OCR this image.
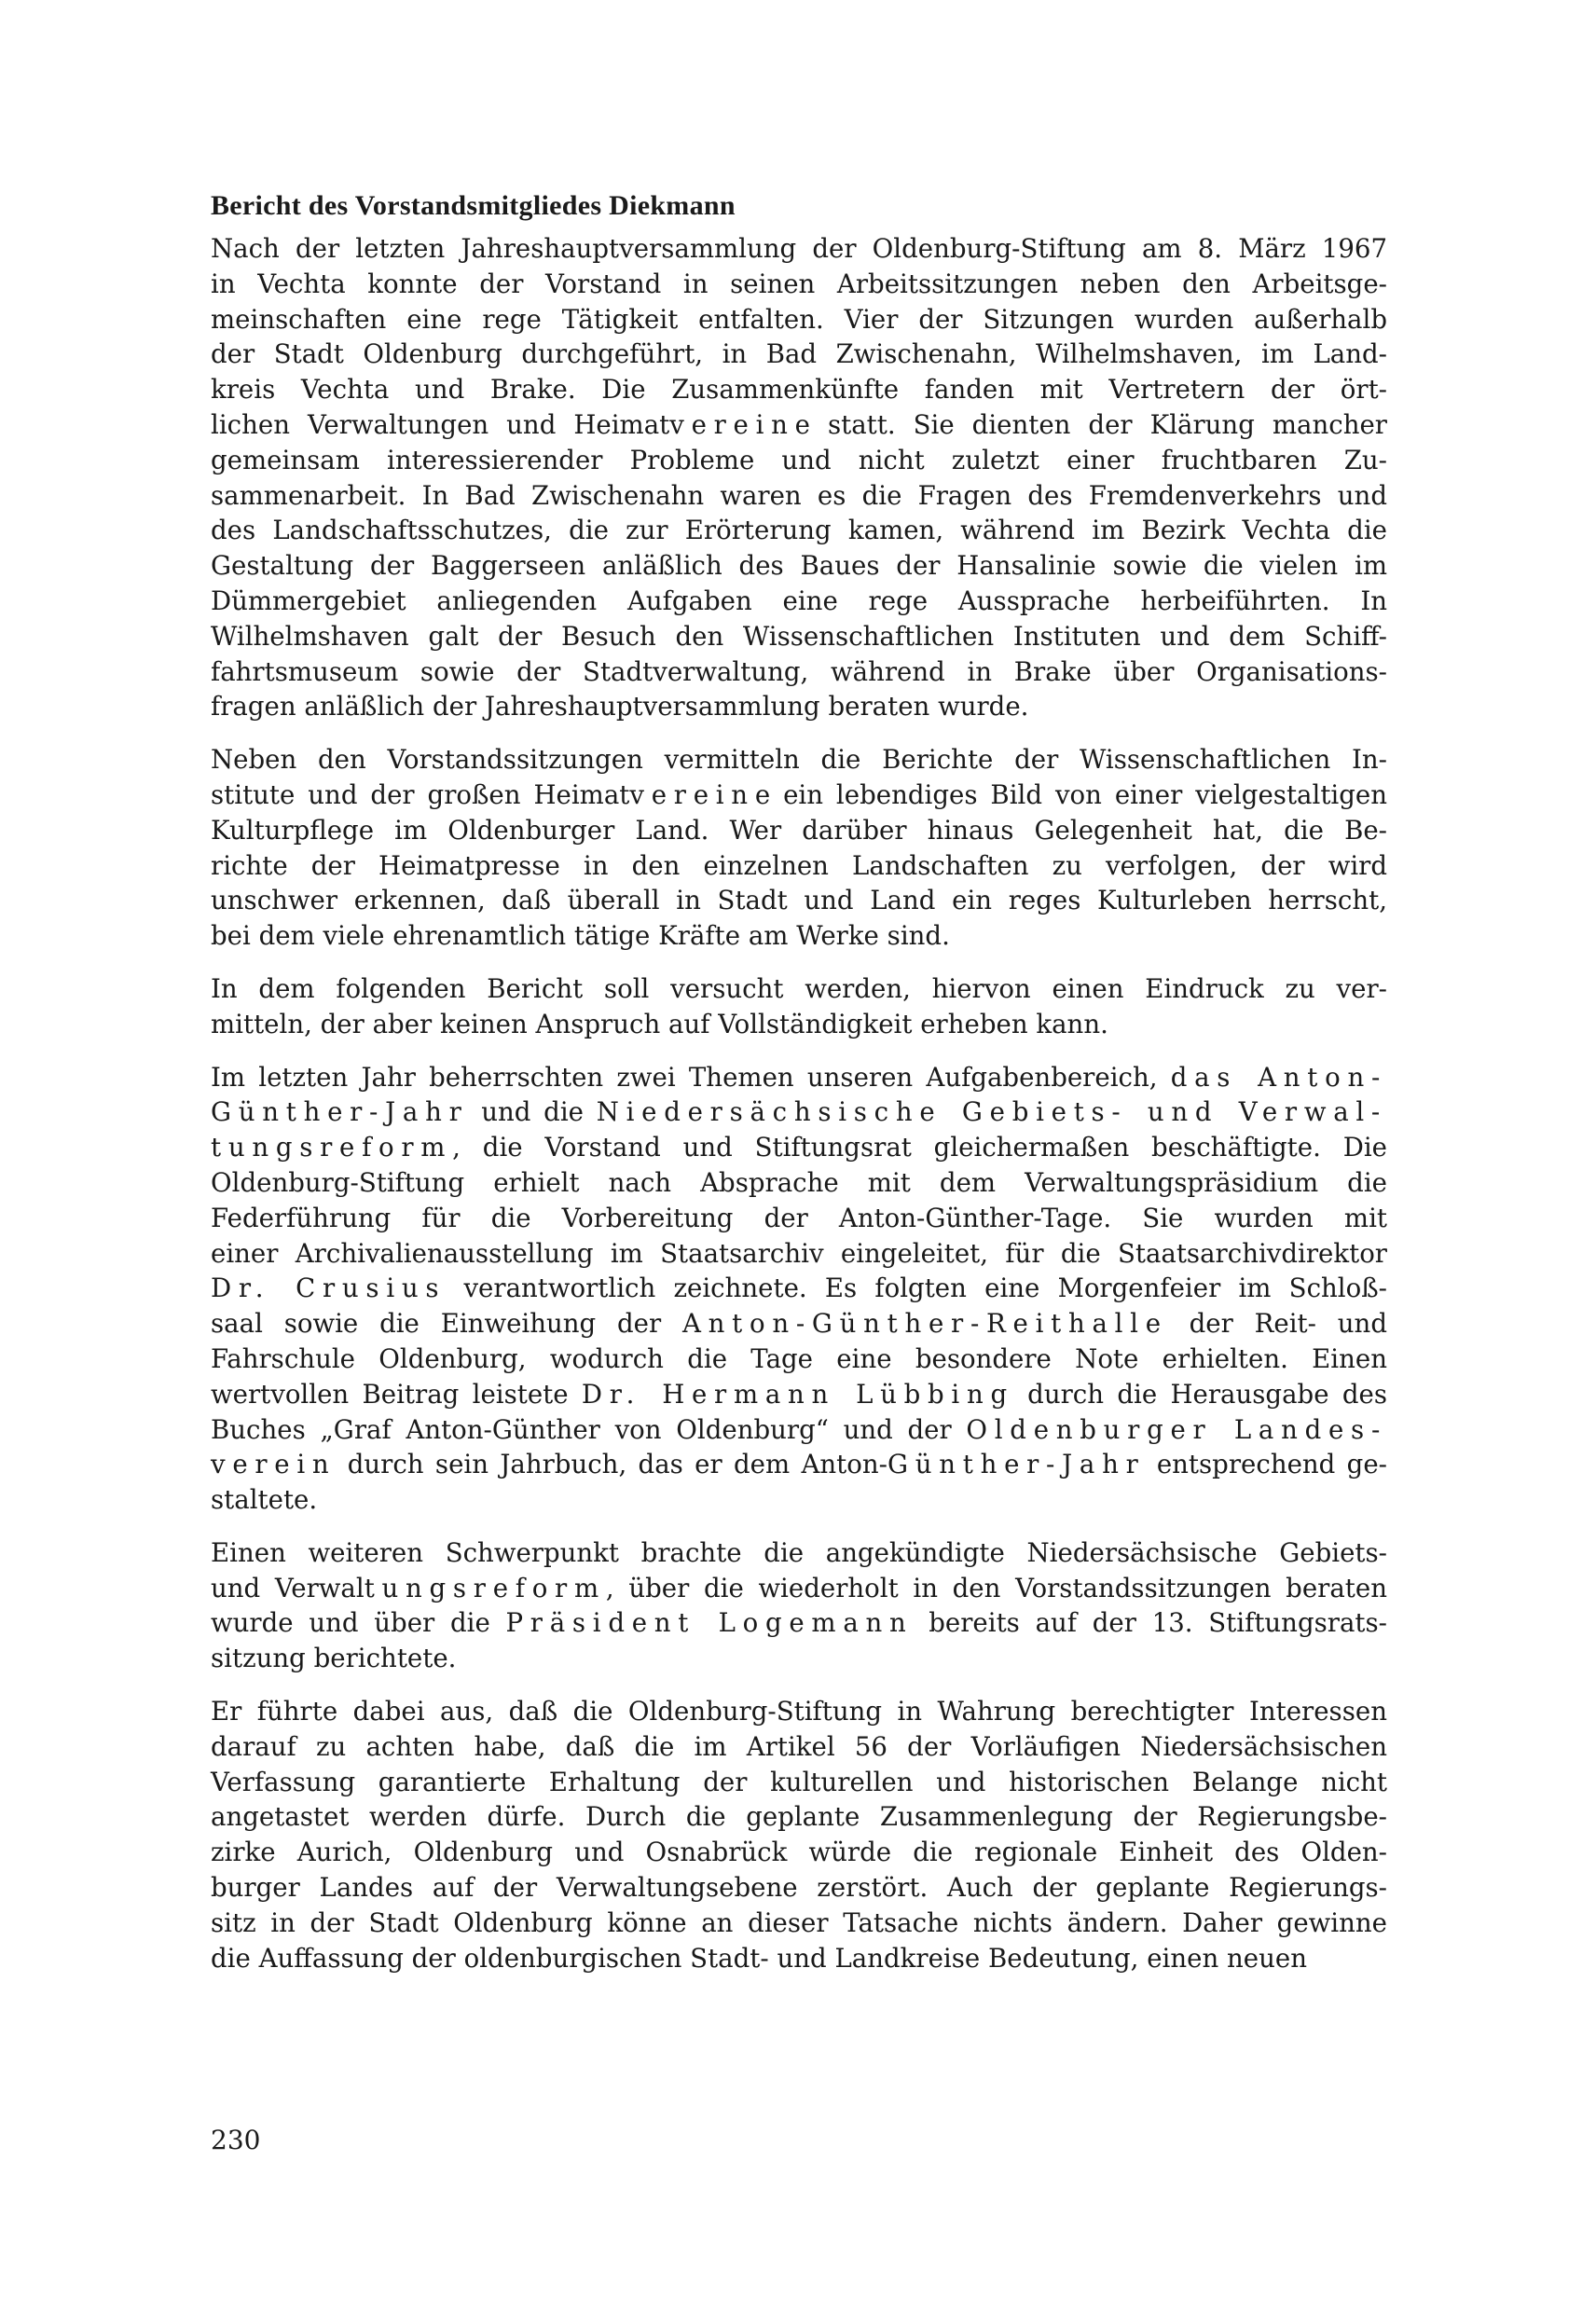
Bericht des Vorstandsmitgliedes Diekmann
Nach der letzten Jahreshauptversammlung der Oldenburg-Stiftung am 8. März 1967
in Vechta konnte der Vorstand in seinen Arbeitssitzungen neben den Arbeitsge-
meinschaften eine rege Tätigkeit entfalten. Vier der Sitzungen wurden außerhalb
der Stadt Oldenburg durchgeführt, in Bad Zwischenahn, Wilhelmshaven, im Land-
kreis Vechta und Brake. Die Zusammenkünfte fanden mit Vertretern der ört-
lichen Verwaltungen und Heimatvereine statt. Sie dienten der Klärung mancher
gemeinsam interessierender Probleme und nicht zuletzt einer fruchtbaren Zu-
sammenarbeit. In Bad Zwischenahn waren es die Fragen des Fremdenverkehrs und
des Landschaftsschutzes, die zur Erörterung kamen, während im Bezirk Vechta die
Gestaltung der Baggerseen anläßlich des Baues der Hansalinie sowie die vielen im
Dümmergebiet anliegenden Aufgaben eine rege Aussprache herbeiführten. In
Wilhelmshaven galt der Besuch den Wissenschaftlichen Instituten und dem Schiff-
fahrtsmuseum sowie der Stadtverwaltung, während in Brake über Organisations-
fragen anläßlich der Jahreshauptversammlung beraten wurde.
Neben den Vorstandssitzungen vermitteln die Berichte der Wissenschaftlichen In-
stitute und der großen Heimatvereine ein lebendiges Bild von einer vielgestaltigen
Kulturpflege im Oldenburger Land. Wer darüber hinaus Gelegenheit hat, die Be-
richte der Heimatpresse in den einzelnen Landschaften zu verfolgen, der wird
unschwer erkennen, daß überall in Stadt und Land ein reges Kulturleben herrscht,
bei dem viele ehrenamtlich tätige Kräfte am Werke sind.
In dem folgenden Bericht soll versucht werden, hiervon einen Eindruck zu ver-
mitteln, der aber keinen Anspruch auf Vollständigkeit erheben kann.
Im letzten Jahr beherrschten zwei Themen unseren Aufgabenbereich, das Anton-
Günther-Jahr und die Niedersächsische Gebiets- und Verwal-
tungsreform, die Vorstand und Stiftungsrat gleichermaßen beschäftigte. Die
Oldenburg-Stiftung erhielt nach Absprache mit dem Verwaltungspräsidium die
Federführung für die Vorbereitung der Anton-Günther-Tage. Sie wurden mit
einer Archivalienausstellung im Staatsarchiv eingeleitet, für die Staatsarchivdirektor
Dr. Crusius verantwortlich zeichnete. Es folgten eine Morgenfeier im Schloß-
saal sowie die Einweihung der Anton-Günther-Reithalle der Reit- und
Fahrschule Oldenburg, wodurch die Tage eine besondere Note erhielten. Einen
wertvollen Beitrag leistete Dr. Hermann Lübbing durch die Herausgabe des
Buches „Graf Anton-Günther von Oldenburg“ und der Oldenburger Landes-
verein durch sein Jahrbuch, das er dem Anton-Günther-Jahr entsprechend ge-
staltete.
Einen weiteren Schwerpunkt brachte die angekündigte Niedersächsische Gebiets-
und Verwaltungsreform, über die wiederholt in den Vorstandssitzungen beraten
wurde und über die Präsident Logemann bereits auf der 13. Stiftungsrats-
sitzung berichtete.
Er führte dabei aus, daß die Oldenburg-Stiftung in Wahrung berechtigter Interessen
darauf zu achten habe, daß die im Artikel 56 der Vorläufigen Niedersächsischen
Verfassung garantierte Erhaltung der kulturellen und historischen Belange nicht
angetastet werden dürfe. Durch die geplante Zusammenlegung der Regierungsbe-
zirke Aurich, Oldenburg und Osnabrück würde die regionale Einheit des Olden-
burger Landes auf der Verwaltungsebene zerstört. Auch der geplante Regierungs-
sitz in der Stadt Oldenburg könne an dieser Tatsache nichts ändern. Daher gewinne
die Auffassung der oldenburgischen Stadt- und Landkreise Bedeutung, einen neuen
230
